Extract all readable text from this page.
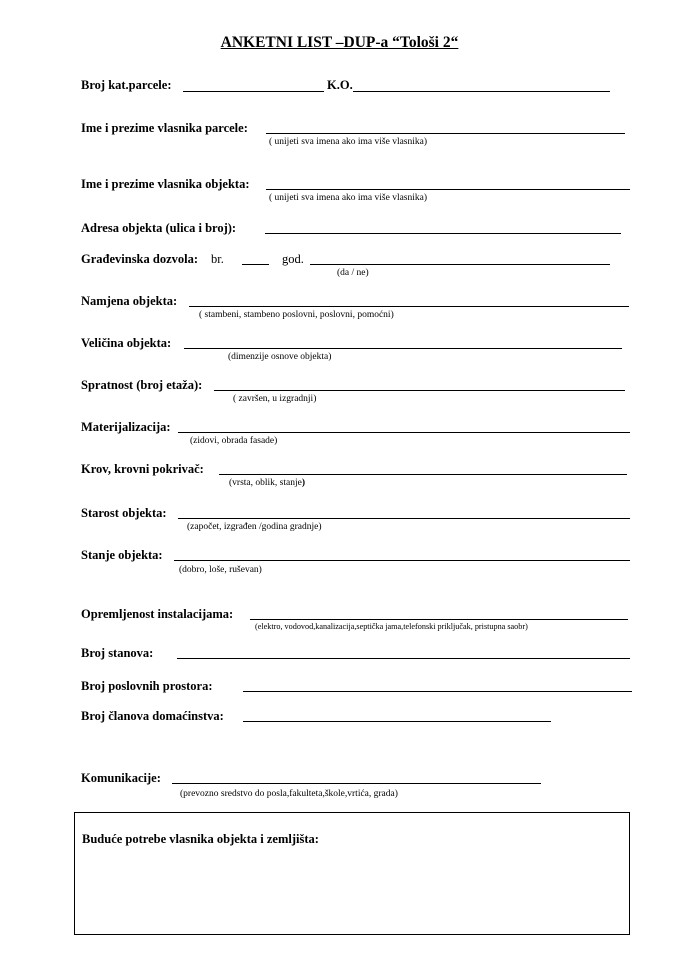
ANKETNI LIST –DUP-a “Tološi 2“
Broj kat.parcele:	K.O.
Ime i prezime vlasnika parcele:
( unijeti sva imena ako ima više vlasnika)
Ime i prezime vlasnika objekta:
( unijeti sva imena ako ima više vlasnika)
Adresa objekta (ulica i broj):
Građevinska dozvola: br.	god.
(da / ne)
Namjena objekta:
( stambeni, stambeno poslovni, poslovni, pomoćni)
Veličina objekta:
(dimenzije osnove objekta)
Spratnost (broj etaža):
( završen, u izgradnji)
Materijalizacija:
(zidovi, obrada fasade)
Krov, krovni pokrivač:
(vrsta, oblik, stanje)
Starost objekta:
(započet, izgrađen /godina gradnje)
Stanje objekta:
(dobro, loše, ruševan)
Opremljenost instalacijama:
(elektro, vodovod,kanalizacija,septička jama,telefonski priključak, pristupna saobr)
Broj stanova:
Broj poslovnih prostora:
Broj članova domaćinstva:
Komunikacije:
(prevozno sredstvo do posla,fakulteta,škole,vrtića, grada)
Buduće potrebe vlasnika objekta i zemljišta:
